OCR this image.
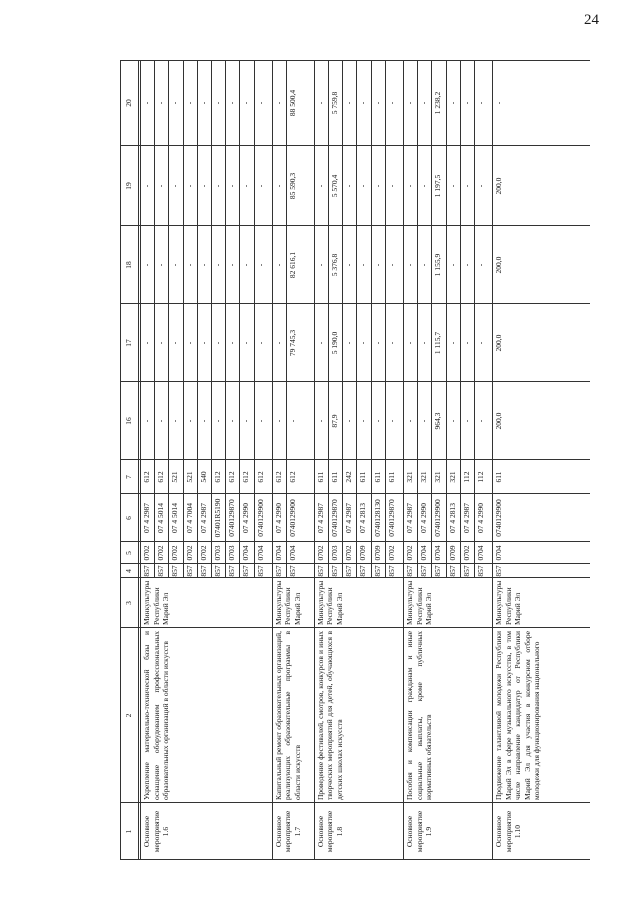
24
1
2
3
4
5
6
7
16
17
18
19
20
Основное мероприятие 1.6
Укрепление материально-технической базы и оснащение оборудованием профессиональных образовательных организаций в области искусств
Минкультуры Республики Марий Эл
857
0702
07 4 2987
612
-
-
-
-
-
857
0702
07 4 5014
612
-
-
-
-
-
857
0702
07 4 5014
521
-
-
-
-
-
857
0702
07 4 7004
521
-
-
-
-
-
857
0702
07 4 2987
540
-
-
-
-
-
857
0703
07401R5190
612
-
-
-
-
-
857
0703
0740129870
612
-
-
-
-
-
857
0704
07 4 2990
612
-
-
-
-
-
857
0704
0740129900
612
-
-
-
-
-
Основное мероприятие 1.7
Капитальный ремонт образовательных организаций, реализующих образовательные программы в области искусств
Минкультуры Республики Марий Эл
857
0704
07 4 2990
612
-
-
-
-
-
857
0704
0740129900
612
-
79 745,3
82 616,1
85 590,3
88 500,4
Основное мероприятие 1.8
Проведение фестивалей, смотров, конкурсов и иных творческих мероприятий для детей, обучающихся в детских школах искусств
Минкультуры Республики Марий Эл
857
0702
07 4 2987
611
-
-
-
-
-
857
0703
0740129870
611
87,9
5 190,0
5 376,8
5 570,4
5 759,8
857
0702
07 4 2987
242
-
-
-
-
-
857
0709
07 4 2813
611
-
-
-
-
-
857
0709
0740128130
611
-
-
-
-
-
857
0702
0740129870
611
-
-
-
-
-
Основное мероприятие 1.9
Пособия и компенсации гражданам и иные социальные выплаты, кроме публичных нормативных обязательств
Минкультуры Республики Марий Эл
857
0702
07 4 2987
321
-
-
-
-
-
857
0704
07 4 2990
321
-
-
-
-
-
857
0704
0740129900
321
964,3
1 115,7
1 155,9
1 197,5
1 238,2
857
0709
07 4 2813
321
-
-
-
-
-
857
0702
07 4 2987
112
-
-
-
-
-
857
0704
07 4 2990
112
-
-
-
-
-
Основное мероприятие 1.10
Продвижение талантливой молодежи Республики Марий Эл в сфере музыкального искусства, в том числе направление кандидатур от Республики Марий Эл для участия в конкурсном отборе молодежи для функционирования национального
Минкультуры Республики Марий Эл
857
0704
0740129900
611
200,0
200,0
200,0
200,0
-
